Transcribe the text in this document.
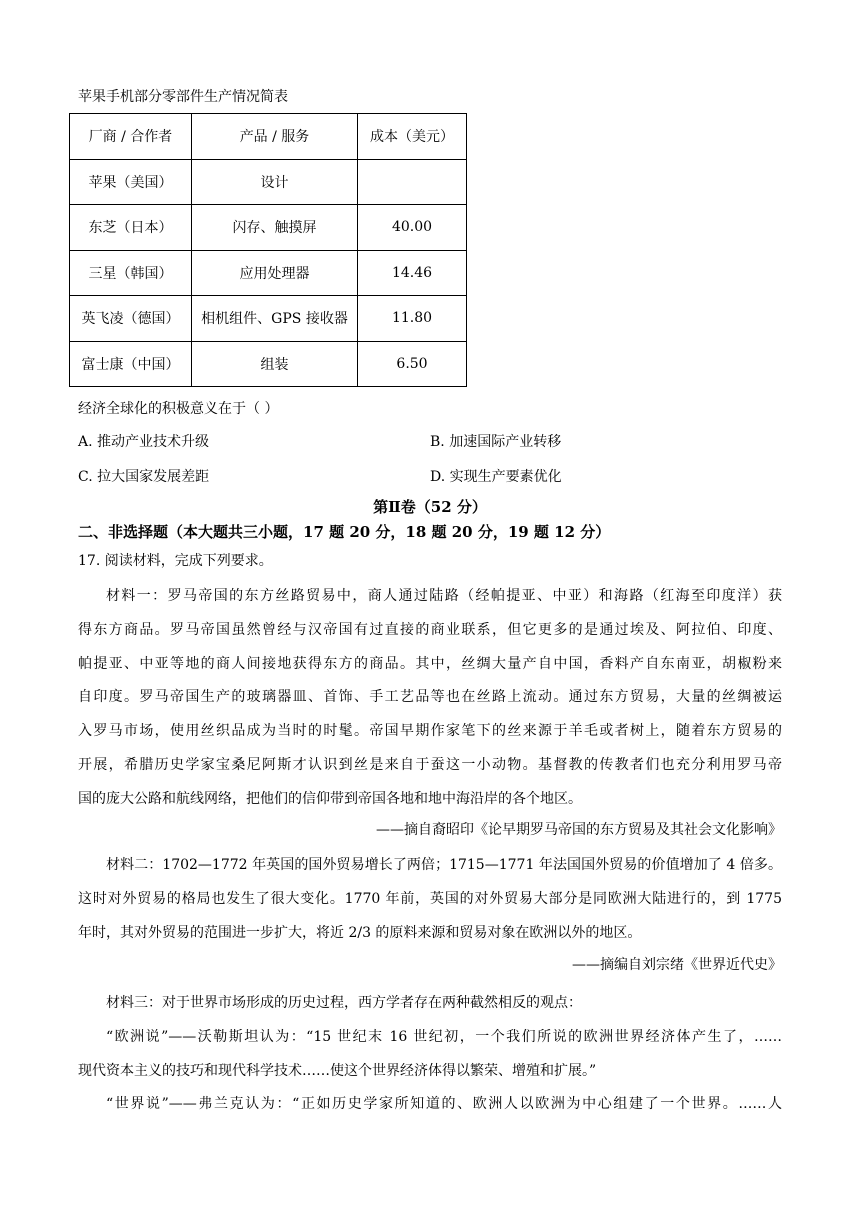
苹果手机部分零部件生产情况简表
厂商 / 合作者	产品 / 服务	成本（美元）
苹果（美国）	设计	
东芝（日本）	闪存、触摸屏	40.00
三星（韩国）	应用处理器	14.46
英飞凌（德国）	相机组件、GPS 接收器	11.80
富士康（中国）	组装	6.50
经济全球化的积极意义在于（ ）
A. 推动产业技术升级	B. 加速国际产业转移
C. 拉大国家发展差距	D. 实现生产要素优化
第Ⅱ卷（52 分）
二、非选择题（本大题共三小题，17 题 20 分，18 题 20 分，19 题 12 分）
17. 阅读材料，完成下列要求。
材料一：罗马帝国的东方丝路贸易中，商人通过陆路（经帕提亚、中亚）和海路（红海至印度洋）获
得东方商品。罗马帝国虽然曾经与汉帝国有过直接的商业联系，但它更多的是通过埃及、阿拉伯、印度、
帕提亚、中亚等地的商人间接地获得东方的商品。其中，丝绸大量产自中国，香料产自东南亚，胡椒粉来
自印度。罗马帝国生产的玻璃器皿、首饰、手工艺品等也在丝路上流动。通过东方贸易，大量的丝绸被运
入罗马市场，使用丝织品成为当时的时髦。帝国早期作家笔下的丝来源于羊毛或者树上，随着东方贸易的
开展，希腊历史学家宝桑尼阿斯才认识到丝是来自于蚕这一小动物。基督教的传教者们也充分利用罗马帝
国的庞大公路和航线网络，把他们的信仰带到帝国各地和地中海沿岸的各个地区。
——摘自裔昭印《论早期罗马帝国的东方贸易及其社会文化影响》
材料二：1702—1772 年英国的国外贸易增长了两倍；1715—1771 年法国国外贸易的价值增加了 4 倍多。
这时对外贸易的格局也发生了很大变化。1770 年前，英国的对外贸易大部分是同欧洲大陆进行的，到 1775
年时，其对外贸易的范围进一步扩大，将近 2/3 的原料来源和贸易对象在欧洲以外的地区。
——摘编自刘宗绪《世界近代史》
材料三：对于世界市场形成的历史过程，西方学者存在两种截然相反的观点：
“欧洲说”——沃勒斯坦认为：“15 世纪末 16 世纪初，一个我们所说的欧洲世界经济体产生了，……
现代资本主义的技巧和现代科学技术……使这个世界经济体得以繁荣、增殖和扩展。”
“世界说”——弗兰克认为：“正如历史学家所知道的、欧洲人以欧洲为中心组建了一个世界。……人
